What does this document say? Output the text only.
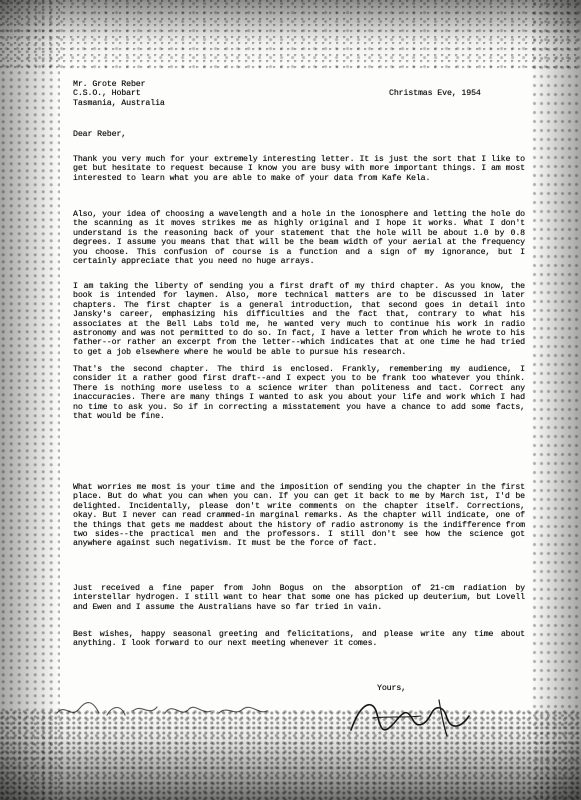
Mr. Grote Reber
C.S.O., Hobart
Tasmania, Australia
Christmas Eve, 1954
Dear Reber,
Thank you very much for your extremely interesting letter. It is just the sort that I like to get but hesitate to request because I know you are busy with more important things. I am most interested to learn what you are able to make of your data from Kafe Kela.
Also, your idea of choosing a wavelength and a hole in the ionosphere and letting the hole do the scanning as it moves strikes me as highly original and I hope it works. What I don't understand is the reasoning back of your statement that the hole will be about 1.0 by 0.8 degrees. I assume you means that that will be the beam width of your aerial at the frequency you choose. This confusion of course is a function and a sign of my ignorance, but I certainly appreciate that you need no huge arrays.
I am taking the liberty of sending you a first draft of my third chapter. As you know, the book is intended for laymen. Also, more technical matters are to be discussed in later chapters. The first chapter is a general introduction, that second goes in detail into Jansky's career, emphasizing his difficulties and the fact that, contrary to what his associates at the Bell Labs told me, he wanted very much to continue his work in radio astronomy and was not permitted to do so. In fact, I have a letter from which he wrote to his father--or rather an excerpt from the letter--which indicates that at one time he had tried to get a job elsewhere where he would be able to pursue his research.
That's the second chapter. The third is enclosed. Frankly, remembering my audience, I consider it a rather good first draft--and I expect you to be frank too whatever you think. There is nothing more useless to a science writer than politeness and tact. Correct any inaccuracies. There are many things I wanted to ask you about your life and work which I had no time to ask you. So if in correcting a misstatement you have a chance to add some facts, that would be fine.
What worries me most is your time and the imposition of sending you the chapter in the first place. But do what you can when you can. If you can get it back to me by March 1st, I'd be delighted. Incidentally, please don't write comments on the chapter itself. Corrections, okay. But I never can read crammed-in marginal remarks. As the chapter will indicate, one of the things that gets me maddest about the history of radio astronomy is the indifference from two sides--the practical men and the professors. I still don't see how the science got anywhere against such negativism. It must be the force of fact.
Just received a fine paper from John Bogus on the absorption of 21-cm radiation by interstellar hydrogen. I still want to hear that some one has picked up deuterium, but Lovell and Ewen and I assume the Australians have so far tried in vain.
Best wishes, happy seasonal greeting and felicitations, and please write any time about anything. I look forward to our next meeting whenever it comes.
Yours,
